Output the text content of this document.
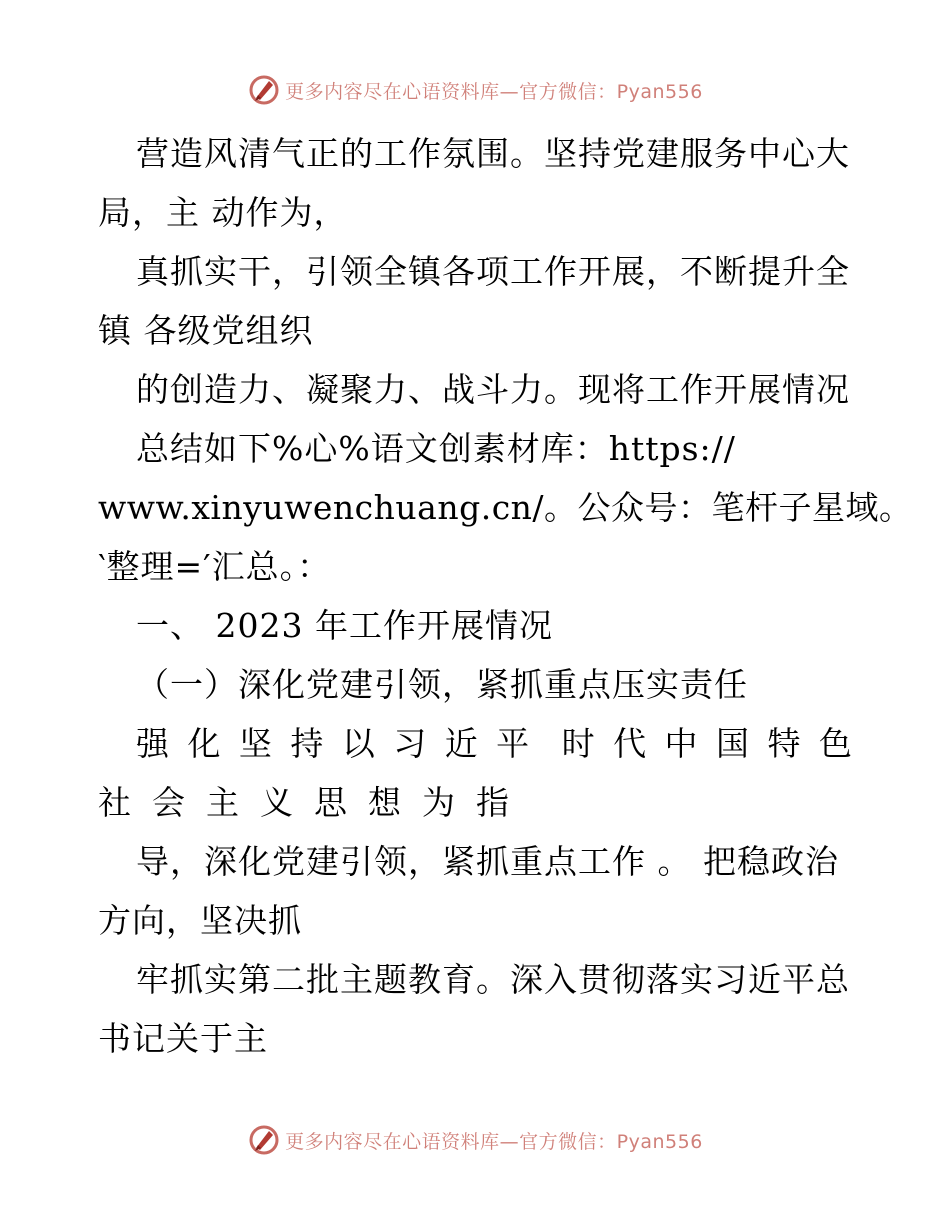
更多内容尽在心语资料库—官方微信：Pyan556
营造风清气正的工作氛围。坚持党建服务中心大
局，主 动作为，
真抓实干，引领全镇各项工作开展，不断提升全
镇 各级党组织
的创造力、凝聚力、战斗力。现将工作开展情况
总结如下%心%语文创素材库：https://
www.xinyuwenchuang.cn/。公众号：笔杆子星域。
‵整理=′汇总。：
一、 2023 年工作开展情况
（一）深化党建引领，紧抓重点压实责任
强 化 坚 持 以 习 近 平 时 代 中 国 特 色
社 会 主 义 思 想 为 指
导，深化党建引领，紧抓重点工作 。 把稳政治
方向，坚决抓
牢抓实第二批主题教育。深入贯彻落实习近平总
书记关于主
更多内容尽在心语资料库—官方微信：Pyan556
